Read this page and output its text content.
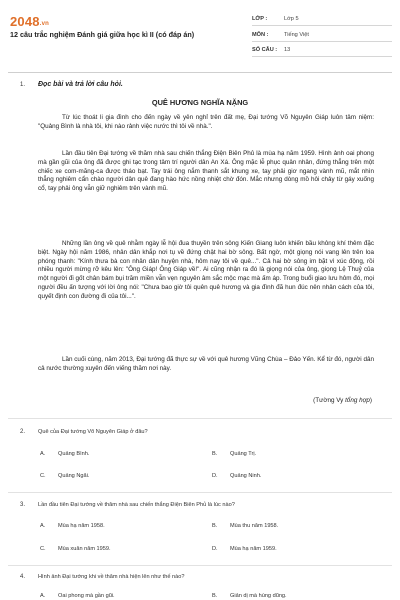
2048.vn
12 câu trắc nghiệm Đánh giá giữa học kì II (có đáp án)
LỚP :	Lớp 5
MÔN :	Tiếng Việt
SỐ CÂU : 13
1. Đọc bài và trả lời câu hỏi.
QUÊ HƯƠNG NGHĨA NẶNG
Từ lúc thoát li gia đình cho đến ngày về yên nghỉ trên đất mẹ, Đại tướng Võ Nguyên Giáp luôn tâm niệm: "Quảng Bình là nhà tôi, khi nào rảnh việc nước thì tôi về nhà.".
Lần đầu tiên Đại tướng về thăm nhà sau chiến thắng Điện Biên Phủ là mùa hạ năm 1959. Hình ảnh oai phong mà gần gũi của ông đã được ghi tạc trong tâm trí người dân An Xá. Ông mặc lễ phục quân nhân, đứng thẳng trên một chiếc xe com-măng-ca được tháo bạt. Tay trái ông nắm thanh sắt khung xe, tay phải giơ ngang vành mũ, mắt nhìn thẳng nghiêm cẩn chào người dân quê đang hào hức nồng nhiệt chờ đón. Mắc nhưng dòng mồ hôi chảy từ gáy xuống cổ, tay phải ông vẫn giữ nghiêm trên vành mũ.
Những lần ông về quê nhằm ngày lễ hội đua thuyền trên sông Kiến Giang luôn khiến bầu không khí thêm đặc biệt. Ngày hội năm 1986, nhân dân khắp nơi tụ về đứng chật hai bờ sông. Bất ngờ, một giọng nói vang lên trên loa phóng thanh: "Kính thưa bà con nhân dân huyện nhà, hôm nay tôi về quê...". Cả hai bờ sông im bặt vì xúc động, rồi nhiều người mừng rỡ kêu lên: "Ông Giáp! Ông Giáp về!". Ai cũng nhận ra đó là giọng nói của ông, giọng Lệ Thuỷ của một người đi gốt chân bám bụi trăm miền vẫn vẹn nguyên âm sắc mộc mạc mà ấm áp. Trong buổi giao lưu hôm đó, mọi người đều ấn tượng với lời ông nói: "Chưa bao giờ tôi quên quê hương và gia đình đã hun đúc nên nhân cách của tôi, quyết định con đường đi của tôi...".
Lần cuối cùng, năm 2013, Đại tướng đã thực sự về với quê hương Vũng Chùa – Đảo Yến. Kể từ đó, người dân cả nước thường xuyên đến viếng thăm nơi này.
(Tường Vy tổng hợp)
2. Quê của Đại tướng Võ Nguyên Giáp ở đâu?
A. Quảng Bình.	B. Quảng Trị.
C. Quảng Ngãi.	D. Quảng Ninh.
3. Lần đầu tiên Đại tướng về thăm nhà sau chiến thắng Điện Biên Phủ là lúc nào?
A. Mùa hạ năm 1958.	B. Mùa thu năm 1958.
C. Mùa xuân năm 1959.	D. Mùa hạ năm 1959.
4. Hình ảnh Đại tướng khi về thăm nhà hiện lên như thế nào?
A. Oai phong mà gần gũi.	B. Giản dị mà hùng dũng.
